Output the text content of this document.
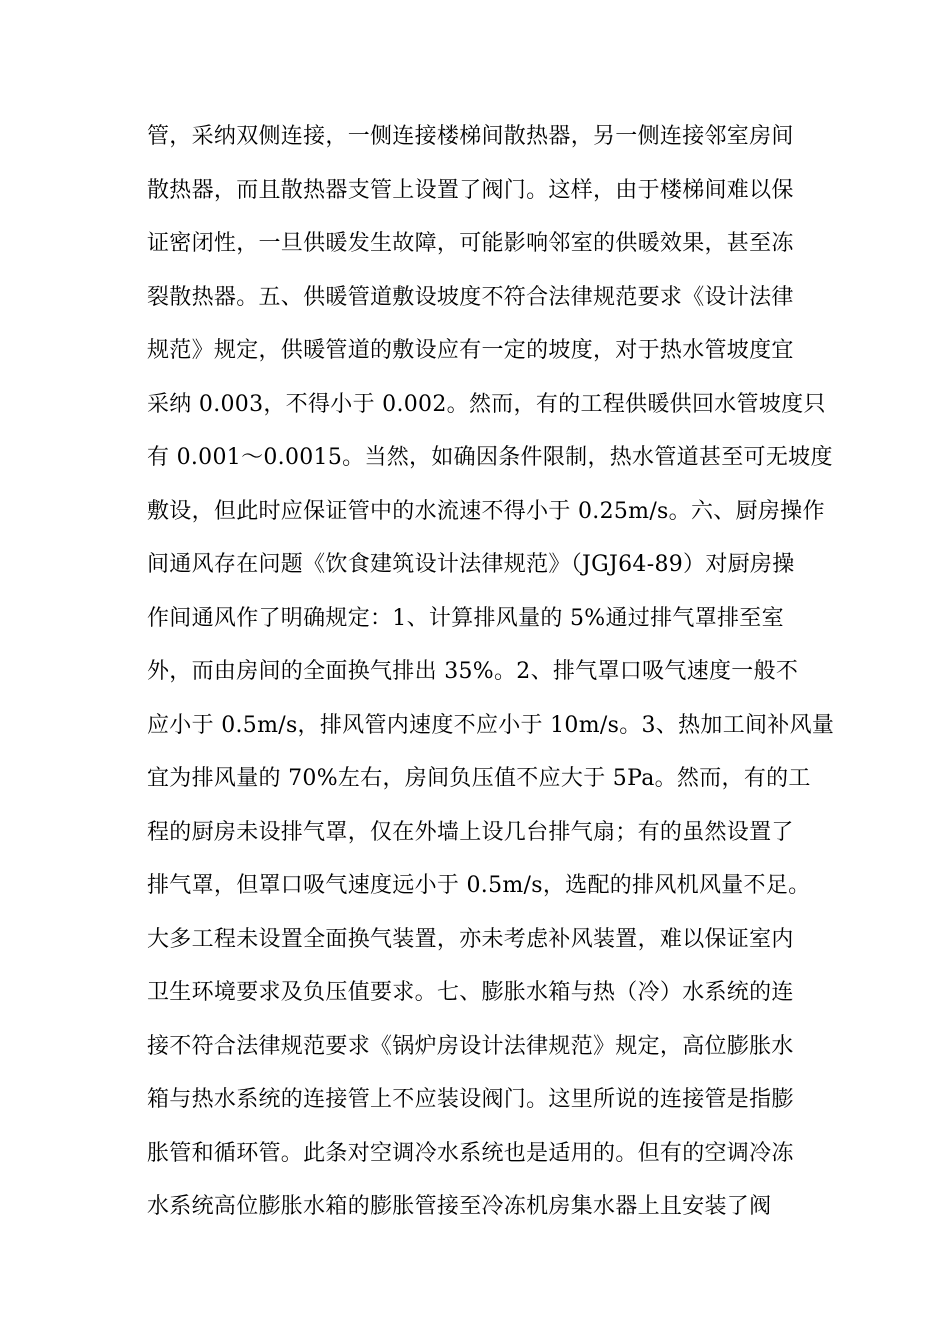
管，采纳双侧连接，一侧连接楼梯间散热器，另一侧连接邻室房间
散热器，而且散热器支管上设置了阀门。这样，由于楼梯间难以保
证密闭性，一旦供暖发生故障，可能影响邻室的供暖效果，甚至冻
裂散热器。五、供暖管道敷设坡度不符合法律规范要求《设计法律
规范》规定，供暖管道的敷设应有一定的坡度，对于热水管坡度宜
采纳 0.003，不得小于 0.002。然而，有的工程供暖供回水管坡度只
有 0.001～0.0015。当然，如确因条件限制，热水管道甚至可无坡度
敷设，但此时应保证管中的水流速不得小于 0.25m/s。六、厨房操作
间通风存在问题《饮食建筑设计法律规范》（JGJ64-89）对厨房操
作间通风作了明确规定：1、计算排风量的 5%通过排气罩排至室
外，而由房间的全面换气排出 35%。2、排气罩口吸气速度一般不
应小于 0.5m/s，排风管内速度不应小于 10m/s。3、热加工间补风量
宜为排风量的 70%左右，房间负压值不应大于 5Pa。然而，有的工
程的厨房未设排气罩，仅在外墙上设几台排气扇；有的虽然设置了
排气罩，但罩口吸气速度远小于 0.5m/s，选配的排风机风量不足。
大多工程未设置全面换气装置，亦未考虑补风装置，难以保证室内
卫生环境要求及负压值要求。七、膨胀水箱与热（冷）水系统的连
接不符合法律规范要求《锅炉房设计法律规范》规定，高位膨胀水
箱与热水系统的连接管上不应装设阀门。这里所说的连接管是指膨
胀管和循环管。此条对空调冷水系统也是适用的。但有的空调冷冻
水系统高位膨胀水箱的膨胀管接至冷冻机房集水器上且安装了阀
